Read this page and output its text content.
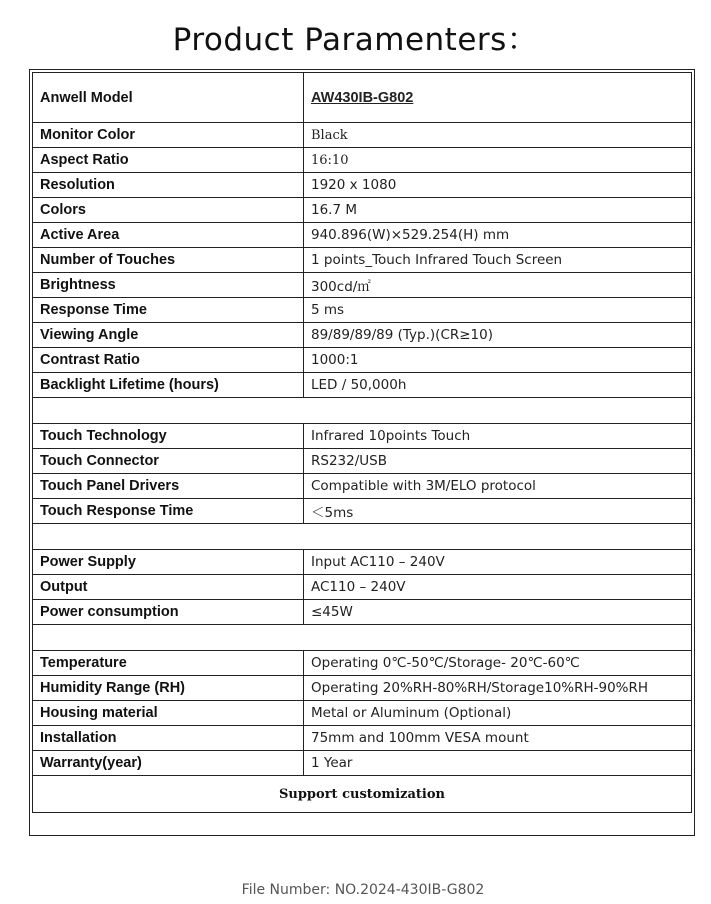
Product Paramenters：
Anwell Model	AW430IB-G802
Monitor Color	Black
Aspect Ratio	16:10
Resolution	1920 x 1080
Colors	16.7 M
Active Area	940.896(W)×529.254(H) mm
Number of Touches	1 points_Touch Infrared Touch Screen
Brightness	300cd/㎡
Response Time	5 ms
Viewing Angle	89/89/89/89 (Typ.)(CR≥10)
Contrast Ratio	1000:1
Backlight Lifetime (hours)	LED / 50,000h

Touch Technology	Infrared 10points Touch
Touch Connector	RS232/USB
Touch Panel Drivers	Compatible with 3M/ELO protocol
Touch Response Time	＜5ms

Power Supply	Input AC110 – 240V
Output	AC110 – 240V
Power consumption	≤45W

Temperature	Operating 0℃-50℃/Storage- 20℃-60℃
Humidity Range (RH)	Operating 20%RH-80%RH/Storage10%RH-90%RH
Housing material	Metal or Aluminum (Optional)
Installation	75mm and 100mm VESA mount
Warranty(year)	1 Year
Support customization	
File Number: NO.2024-430IB-G802
